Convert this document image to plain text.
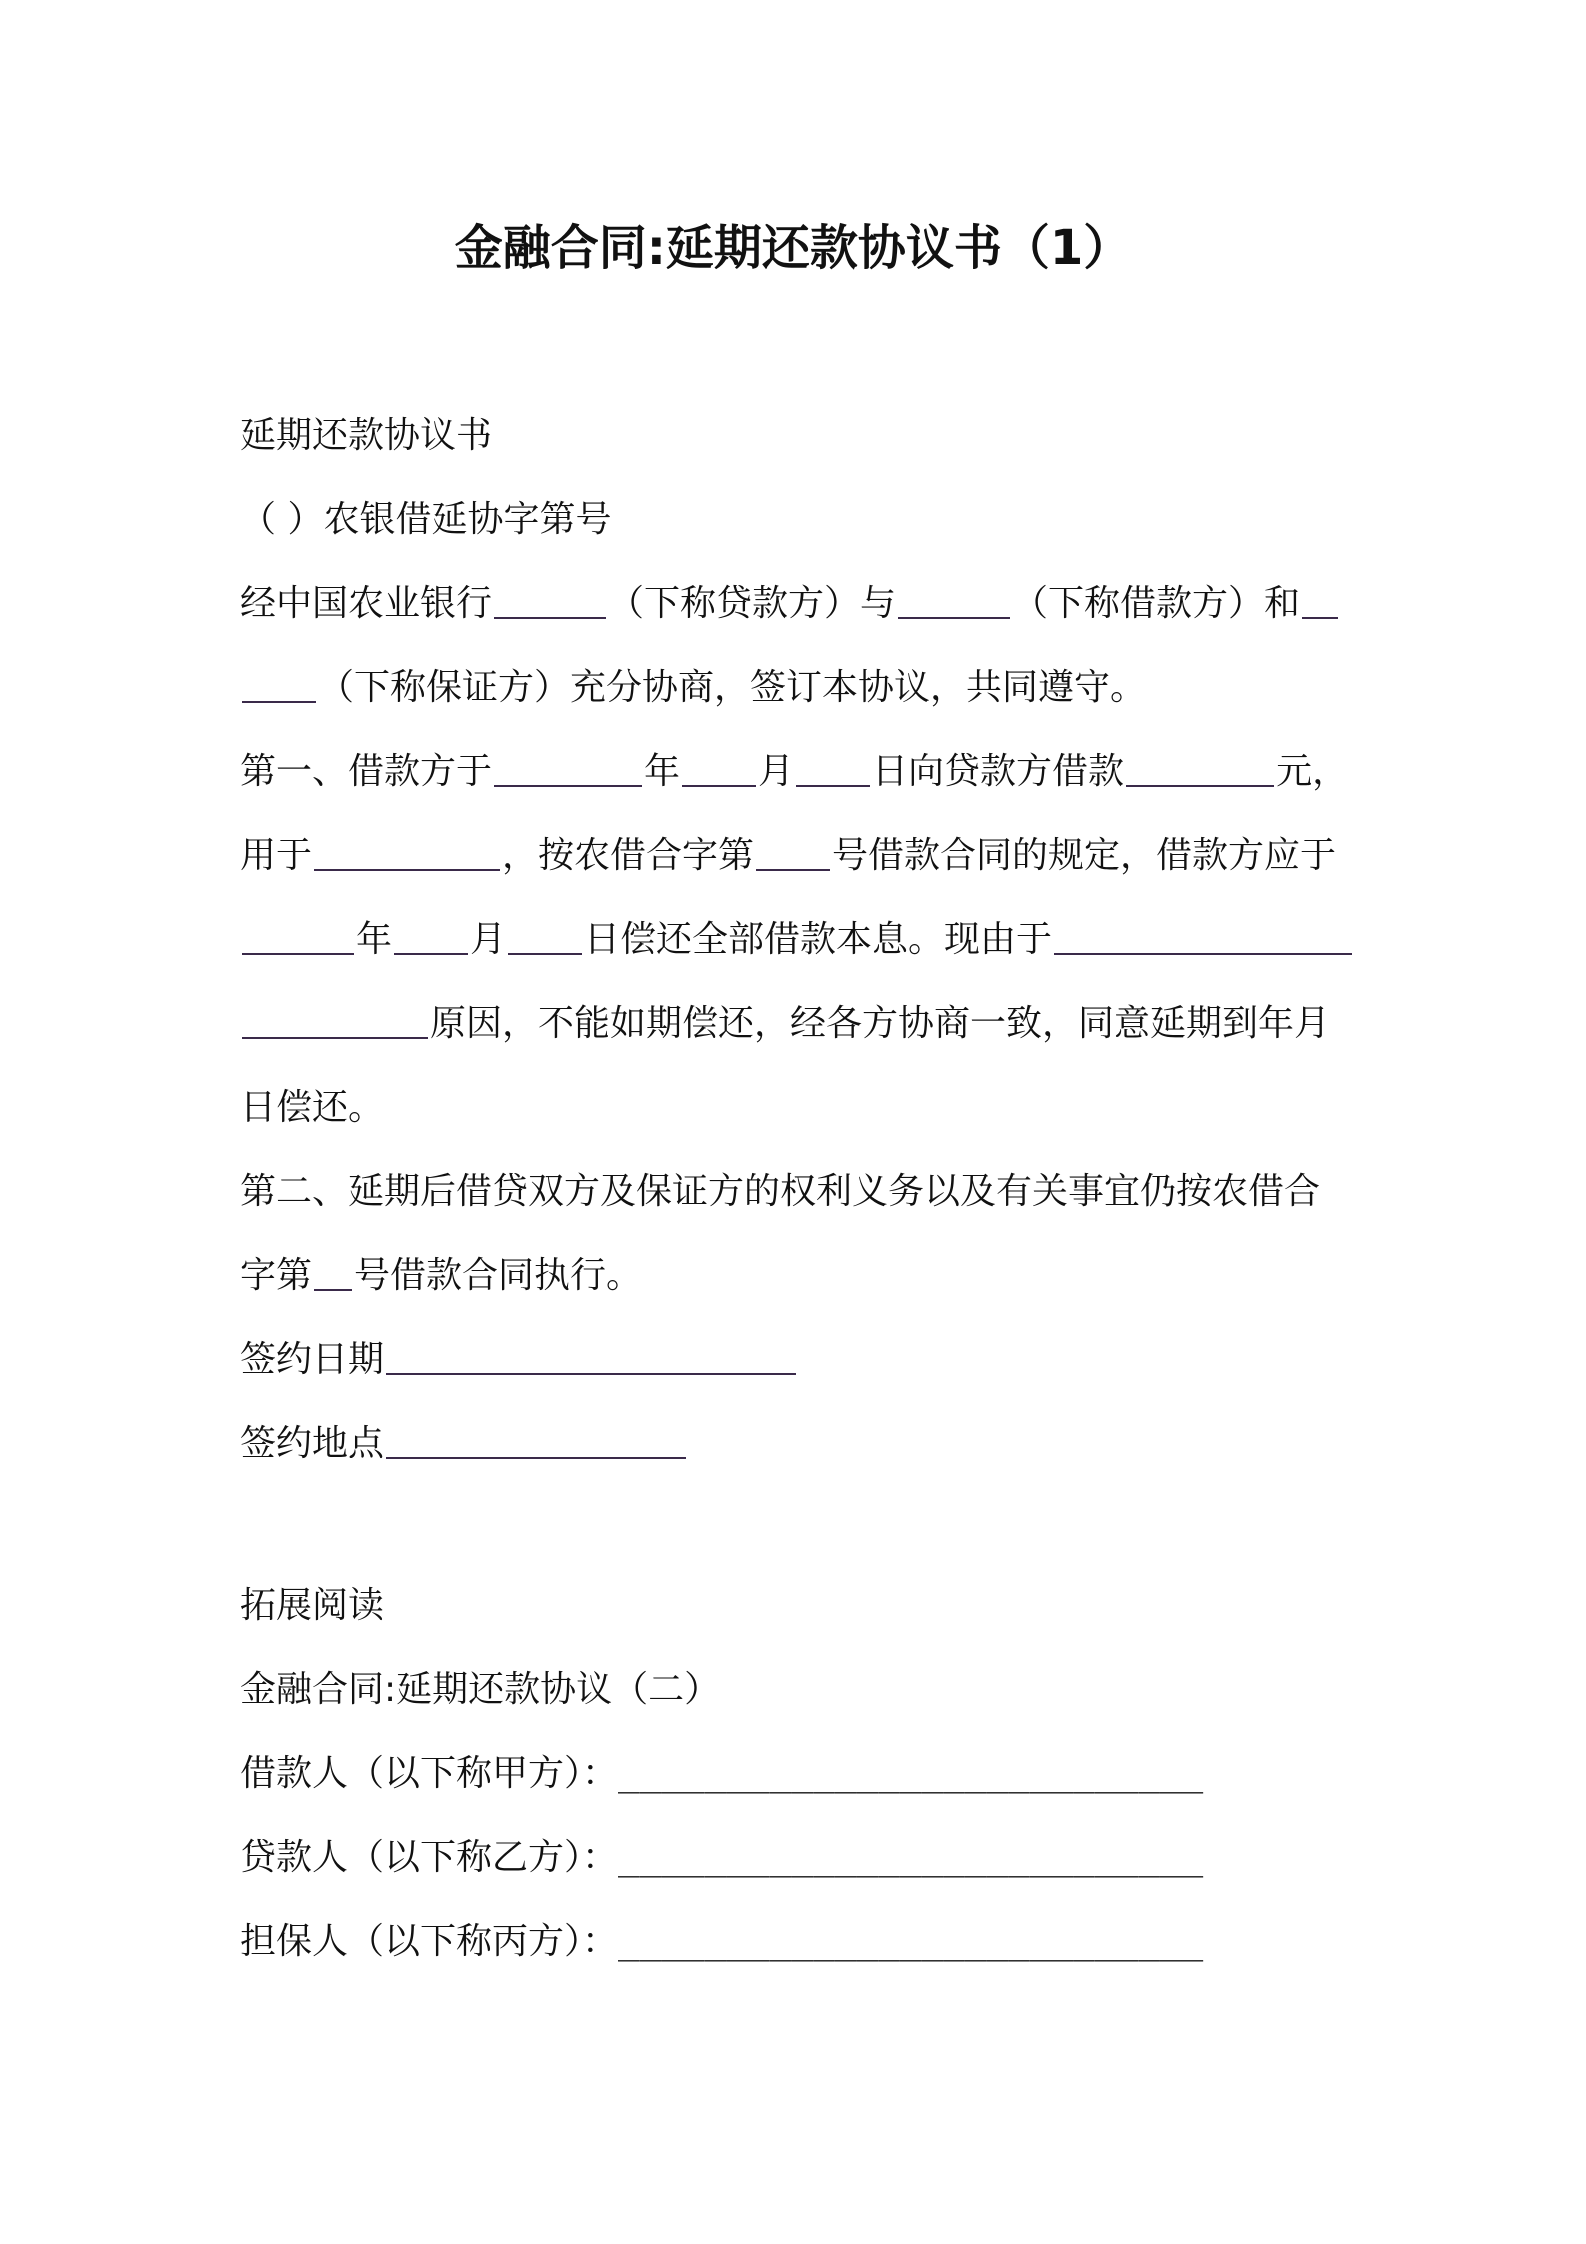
金融合同:延期还款协议书（1）

延期还款协议书

（ ）农银借延协字第号

经中国农业银行	（下称贷款方）与	（下称借款方）和

（下称保证方）充分协商，签订本协议，共同遵守。

第一、借款方于	年 月 日向贷款方借款	元，

用于	，按农借合字第 号借款合同的规定，借款方应于

年 月 日偿还全部借款本息。现由于

原因，不能如期偿还，经各方协商一致，同意延期到年月

日偿还。

第二、延期后借贷双方及保证方的权利义务以及有关事宜仍按农借合

字第 号借款合同执行。

签约日期

签约地点

拓展阅读

金融合同:延期还款协议（二）

借款人（以下称甲方）：___________________________

贷款人（以下称乙方）：___________________________

担保人（以下称丙方）：___________________________
